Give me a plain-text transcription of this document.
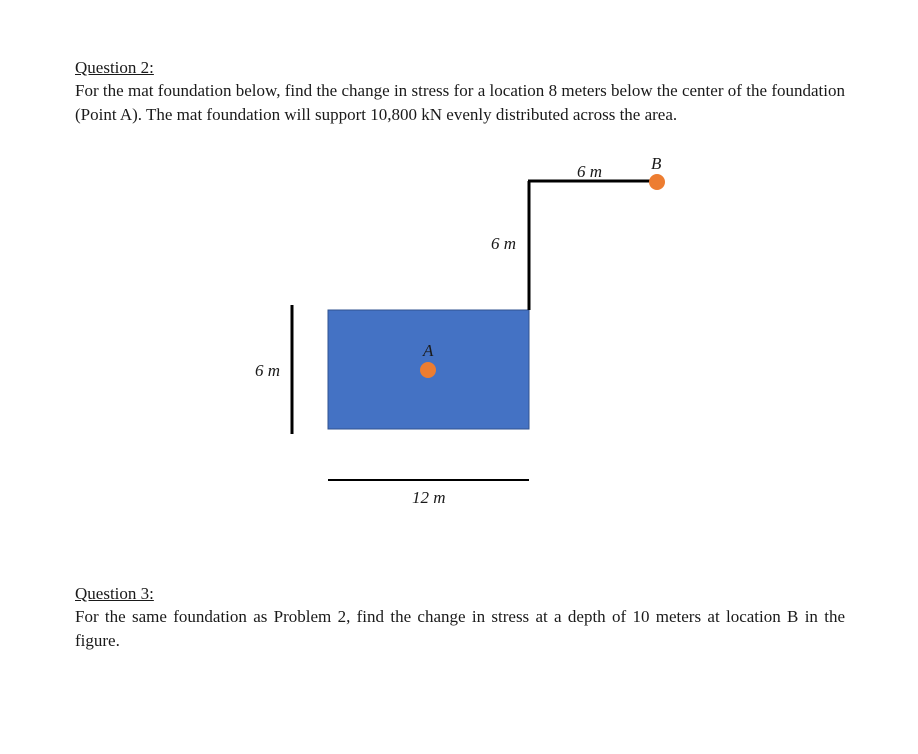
Question 2:
For the mat foundation below, find the change in stress for a location 8 meters below the center of the foundation (Point A). The mat foundation will support 10,800 kN evenly distributed across the area.
6 m	B
6 m
A
6 m
12 m
Question 3:
For the same foundation as Problem 2, find the change in stress at a depth of 10 meters at location B in the figure.
